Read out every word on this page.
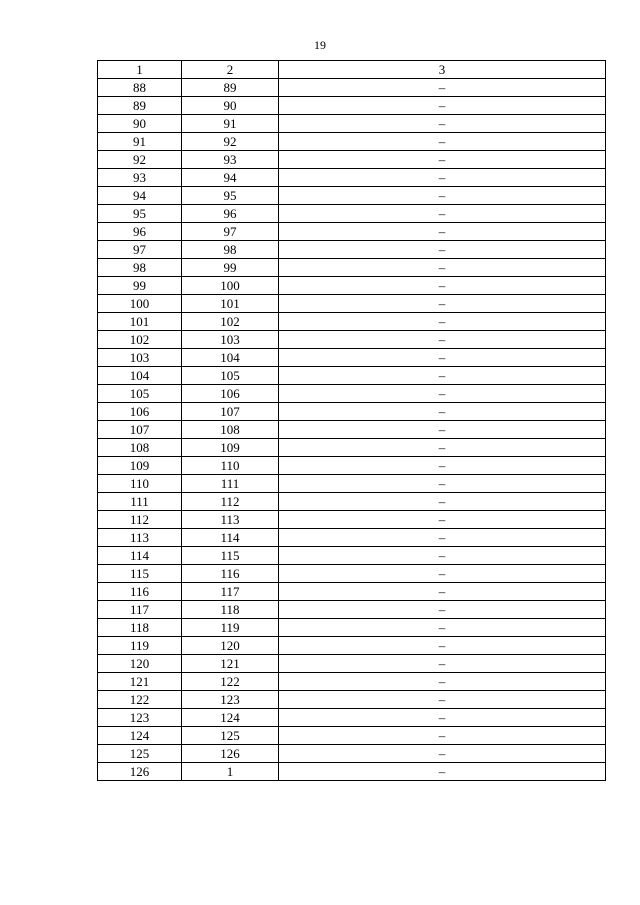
19
1	2	3
88	89	–
89	90	–
90	91	–
91	92	–
92	93	–
93	94	–
94	95	–
95	96	–
96	97	–
97	98	–
98	99	–
99	100	–
100	101	–
101	102	–
102	103	–
103	104	–
104	105	–
105	106	–
106	107	–
107	108	–
108	109	–
109	110	–
110	111	–
111	112	–
112	113	–
113	114	–
114	115	–
115	116	–
116	117	–
117	118	–
118	119	–
119	120	–
120	121	–
121	122	–
122	123	–
123	124	–
124	125	–
125	126	–
126	1	–
